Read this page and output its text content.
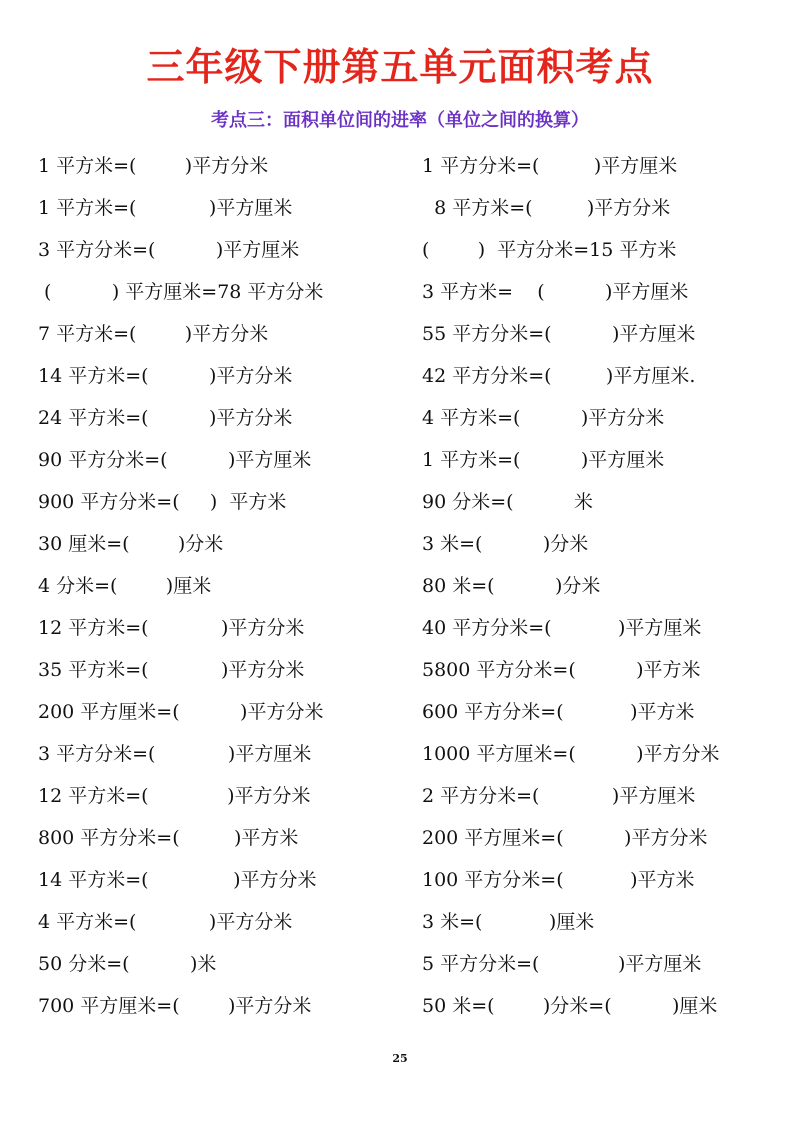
三年级下册第五单元面积考点
考点三：面积单位间的进率（单位之间的换算）
1 平方米=(        )平方分米	1 平方分米=(         )平方厘米
1 平方米=(            )平方厘米	8 平方米=(         )平方分米
3 平方分米=(          )平方厘米	(        )  平方分米=15 平方米
(          ) 平方厘米=78 平方分米	3 平方米=    (          )平方厘米
7 平方米=(        )平方分米	55 平方分米=(          )平方厘米
14 平方米=(          )平方分米	42 平方分米=(         )平方厘米.
24 平方米=(          )平方分米	4 平方米=(          )平方分米
90 平方分米=(          )平方厘米	1 平方米=(          )平方厘米
900 平方分米=(     )  平方米	90 分米=(          米
30 厘米=(        )分米	3 米=(          )分米
4 分米=(        )厘米	80 米=(          )分米
12 平方米=(            )平方分米	40 平方分米=(           )平方厘米
35 平方米=(            )平方分米	5800 平方分米=(          )平方米
200 平方厘米=(          )平方分米	600 平方分米=(           )平方米
3 平方分米=(            )平方厘米	1000 平方厘米=(          )平方分米
12 平方米=(             )平方分米	2 平方分米=(            )平方厘米
800 平方分米=(         )平方米	200 平方厘米=(          )平方分米
14 平方米=(              )平方分米	100 平方分米=(           )平方米
4 平方米=(            )平方分米	3 米=(           )厘米
50 分米=(          )米	5 平方分米=(             )平方厘米
700 平方厘米=(        )平方分米	50 米=(        )分米=(          )厘米
25
